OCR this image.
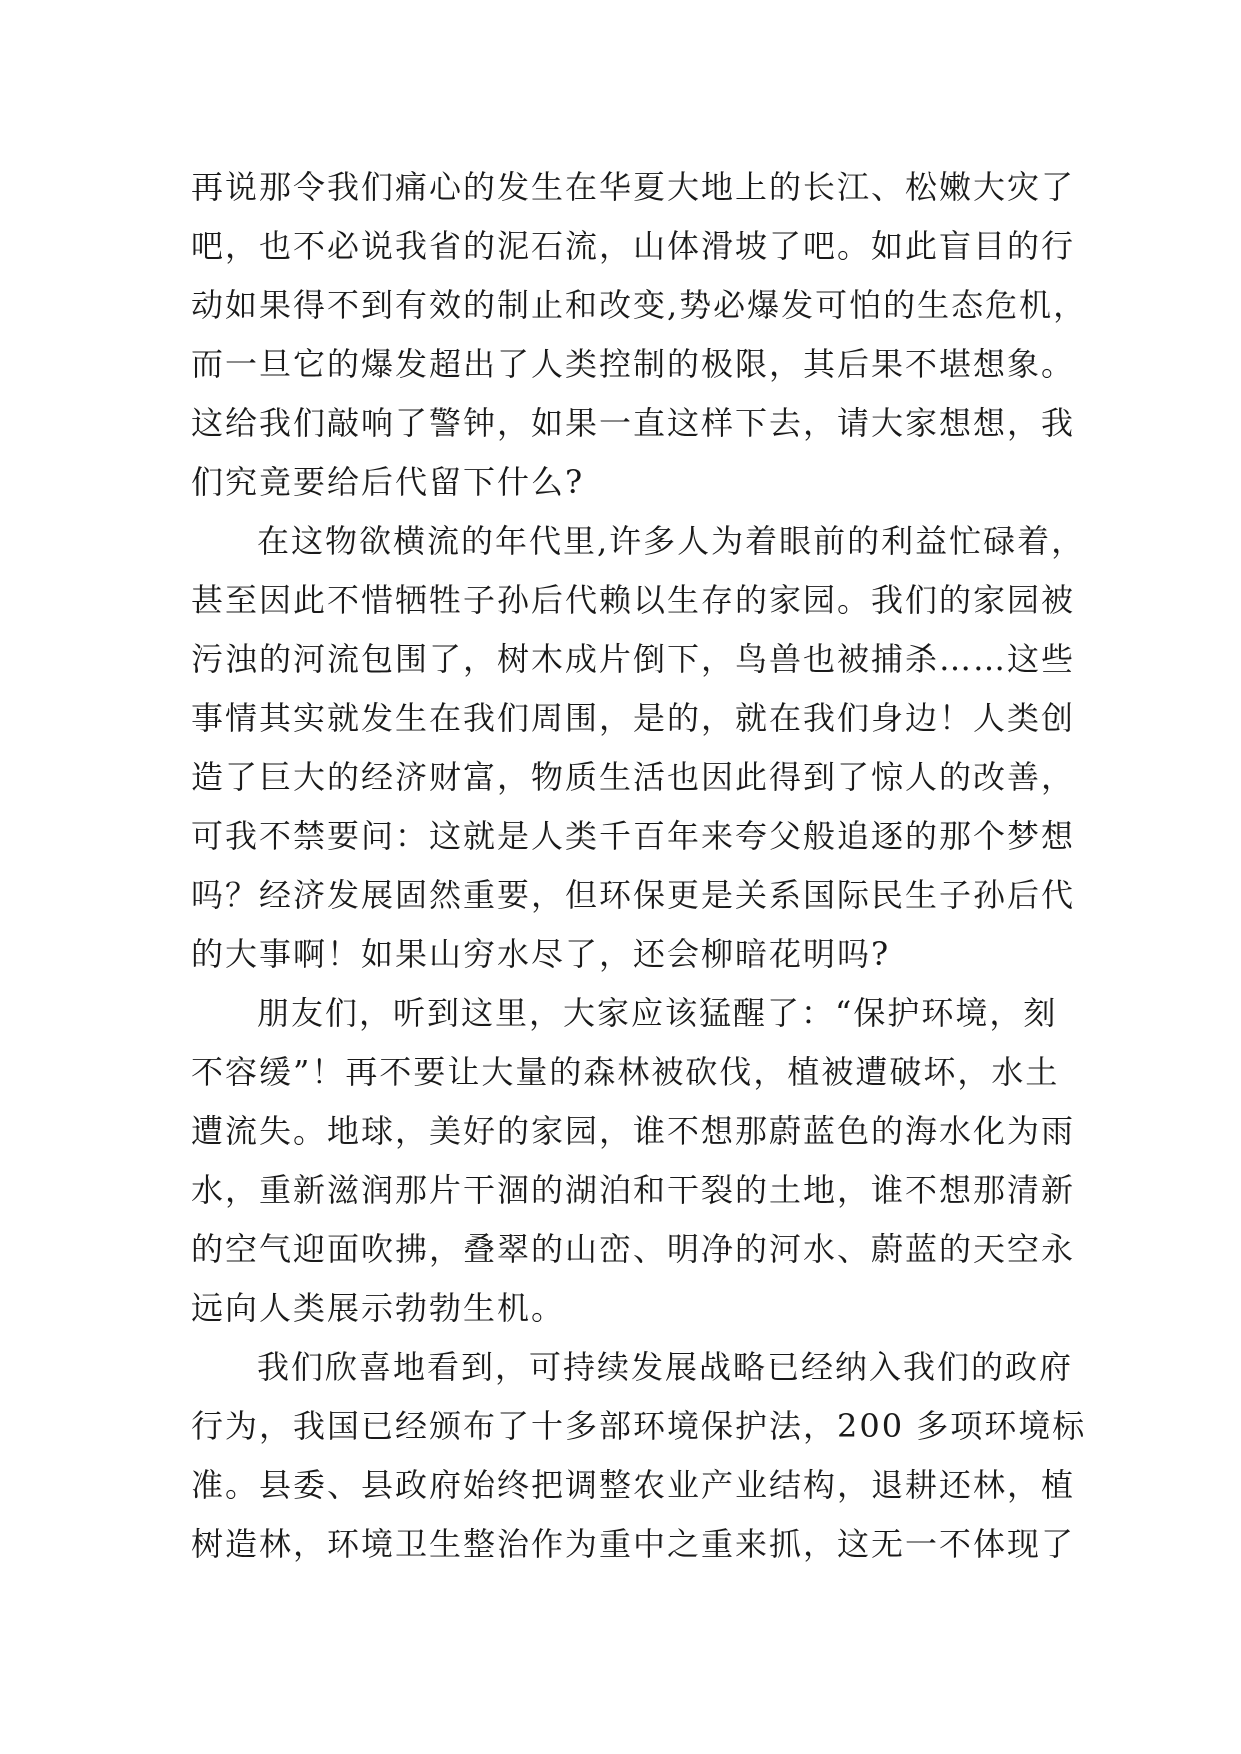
再说那令我们痛心的发生在华夏大地上的长江、松嫩大灾了
吧，也不必说我省的泥石流，山体滑坡了吧。如此盲目的行
动如果得不到有效的制止和改变,势必爆发可怕的生态危机，
而一旦它的爆发超出了人类控制的极限，其后果不堪想象。
这给我们敲响了警钟，如果一直这样下去，请大家想想，我
们究竟要给后代留下什么?
在这物欲横流的年代里,许多人为着眼前的利益忙碌着，
甚至因此不惜牺牲子孙后代赖以生存的家园。我们的家园被
污浊的河流包围了，树木成片倒下，鸟兽也被捕杀……这些
事情其实就发生在我们周围，是的，就在我们身边！人类创
造了巨大的经济财富，物质生活也因此得到了惊人的改善，
可我不禁要问：这就是人类千百年来夸父般追逐的那个梦想
吗？经济发展固然重要，但环保更是关系国际民生子孙后代
的大事啊！如果山穷水尽了，还会柳暗花明吗?
朋友们，听到这里，大家应该猛醒了：“保护环境，刻
不容缓”！再不要让大量的森林被砍伐，植被遭破坏，水土
遭流失。地球，美好的家园，谁不想那蔚蓝色的海水化为雨
水，重新滋润那片干涸的湖泊和干裂的土地，谁不想那清新
的空气迎面吹拂，叠翠的山峦、明净的河水、蔚蓝的天空永
远向人类展示勃勃生机。
我们欣喜地看到，可持续发展战略已经纳入我们的政府
行为，我国已经颁布了十多部环境保护法，200 多项环境标
准。县委、县政府始终把调整农业产业结构，退耕还林，植
树造林，环境卫生整治作为重中之重来抓，这无一不体现了
